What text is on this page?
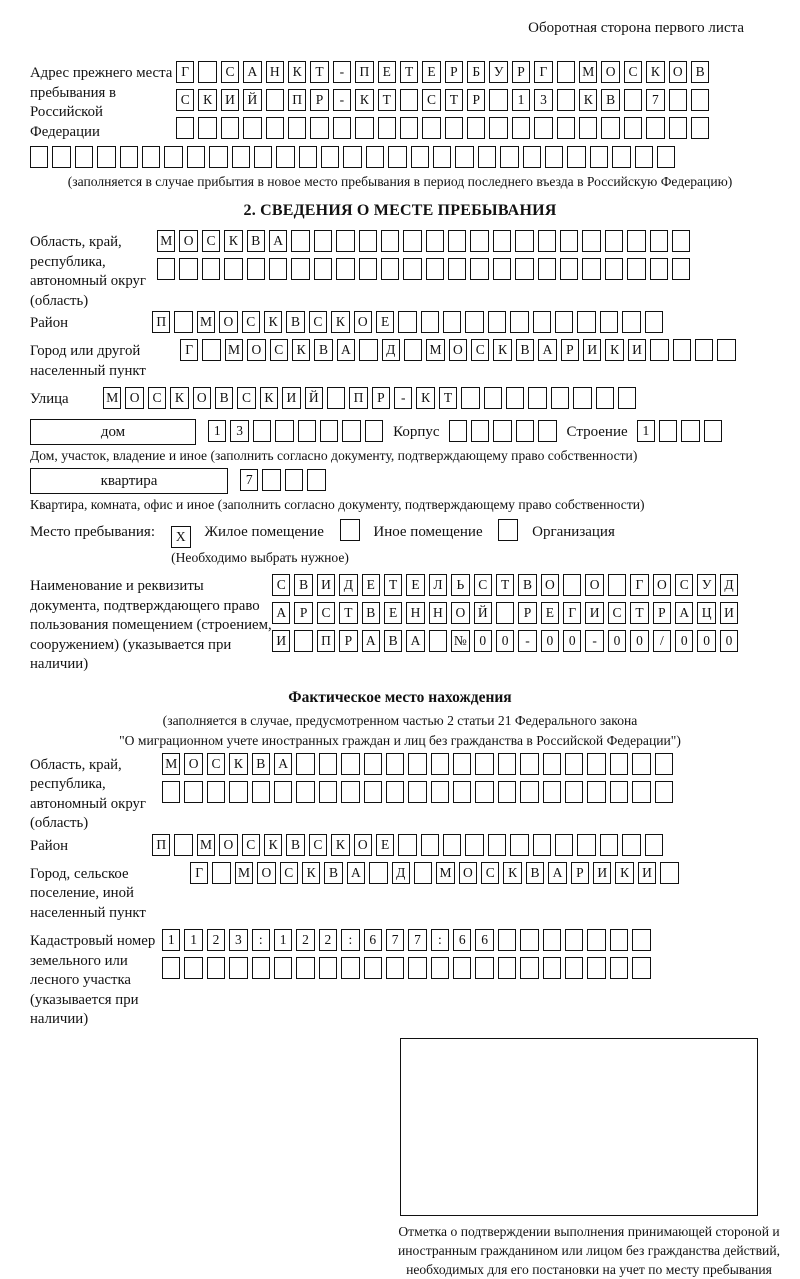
Оборотная сторона первого листа
Адрес прежнего места пребывания в Российской Федерации
Г	С А Н К Т - П Е Т Е Р Б У Р Г	М О С К О В
С К И Й	П Р - К Т	С Т Р	1 3	К В	7
(заполняется в случае прибытия в новое место пребывания в период последнего въезда в Российскую Федерацию)
2. СВЕДЕНИЯ О МЕСТЕ ПРЕБЫВАНИЯ
Область, край, республика, автономный округ (область)
М О С К В А
Район	П	М О С К В С К О Е
Город или другой населенный пункт
Г	М О С К В А	Д	М О С К В А Р И К И
Улица	М О С К О В С К И Й	П Р - К Т
дом	1 3	Корпус	Строение	1
Дом, участок, владение и иное (заполнить согласно документу, подтверждающему право собственности)
квартира	7
Квартира, комната, офис и иное (заполнить согласно документу, подтверждающему право собственности)
Место пребывания: X Жилое помещение	Иное помещение	Организация
(Необходимо выбрать нужное)
Наименование и реквизиты документа, подтверждающего право пользования помещением (строением, сооружением) (указывается при наличии)
С В И Д Е Т Е Л Ь С Т В О	О	Г О С У Д
А Р С Т В Е Н Н О Й	Р Е Г И С Т Р А Ц И
И	П Р А В А № 0 0 - 0 0 - 0 0 / 0 0 0
Фактическое место нахождения
(заполняется в случае, предусмотренном частью 2 статьи 21 Федерального закона
"О миграционном учете иностранных граждан и лиц без гражданства в Российской Федерации")
Область, край, республика, автономный округ (область)
М О С К В А
Район	П	М О С К В С К О Е
Город, сельское поселение, иной населенный пункт
Г	М О С К В А	Д	М О С К В А Р И К И
Кадастровый номер земельного или лесного участка (указывается при наличии)
1 1 2 3 : 1 2 2 : 6 7 7 : 6 6
Отметка о подтверждении выполнения принимающей стороной и иностранным гражданином или лицом без гражданства действий, необходимых для его постановки на учет по месту пребывания
